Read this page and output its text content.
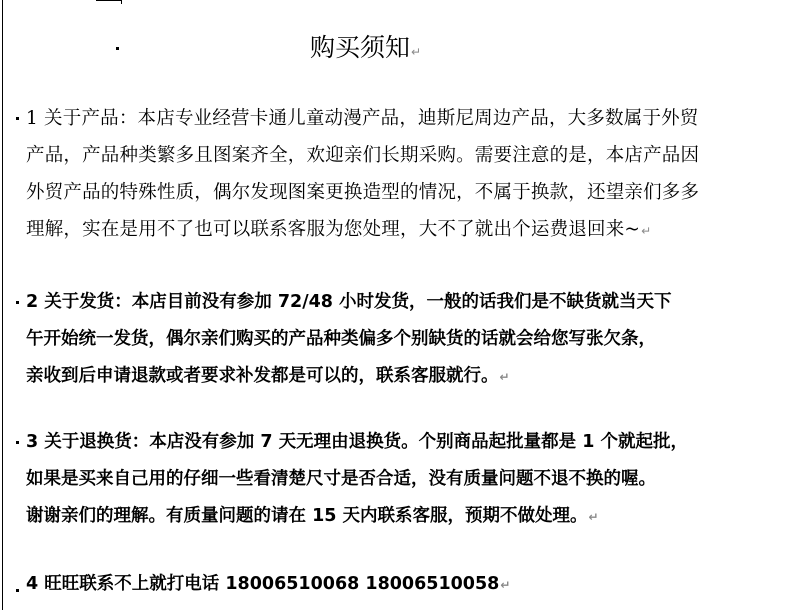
购买须知↵
1 关于产品：本店专业经营卡通儿童动漫产品，迪斯尼周边产品，大多数属于外贸
产品，产品种类繁多且图案齐全，欢迎亲们长期采购。需要注意的是，本店产品因
外贸产品的特殊性质，偶尔发现图案更换造型的情况，不属于换款，还望亲们多多
理解，实在是用不了也可以联系客服为您处理，大不了就出个运费退回来~↵
2 关于发货：本店目前没有参加 72/48 小时发货，一般的话我们是不缺货就当天下
午开始统一发货，偶尔亲们购买的产品种类偏多个别缺货的话就会给您写张欠条，
亲收到后申请退款或者要求补发都是可以的，联系客服就行。↵
3 关于退换货：本店没有参加 7 天无理由退换货。个别商品起批量都是 1 个就起批，
如果是买来自己用的仔细一些看清楚尺寸是否合适，没有质量问题不退不换的喔。
谢谢亲们的理解。有质量问题的请在 15 天内联系客服，预期不做处理。↵
4 旺旺联系不上就打电话 18006510068 18006510058↵
